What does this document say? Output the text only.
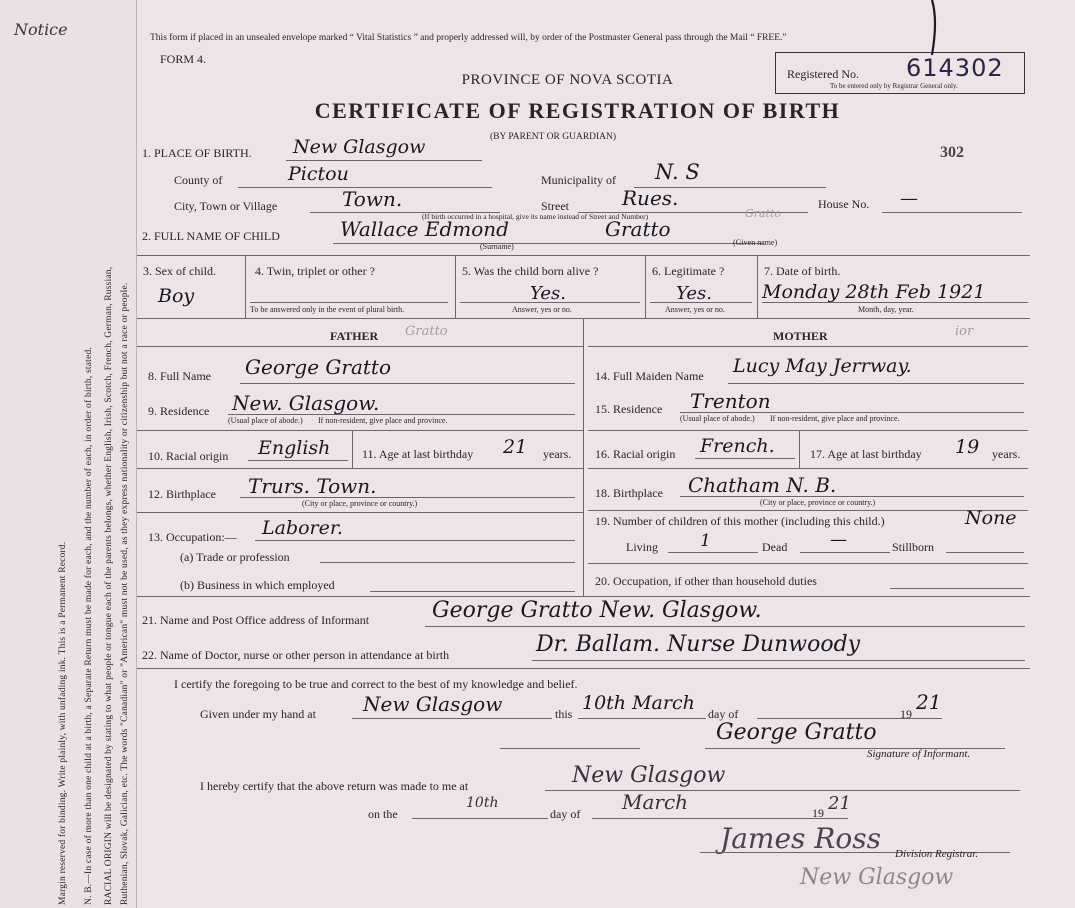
Notice
Margin reserved for binding. Write plainly, with unfading ink. This is a Permanent Record. N. B.—In case of more than one child at a birth, a Separate Return must be made for each, and the number of each, in order of birth, stated. RACIAL ORIGIN will be designated by stating to what people or tongue each of the parents belongs, whether English, Irish, Scotch, French, German, Russian, Ruthenian, Slovak, Galician, etc. The words "Canadian" or "American" must not be used, as they express nationality or citizenship but not a race or people.
This form if placed in an unsealed envelope marked “ Vital Statistics ” and properly addressed will, by order of the Postmaster General pass through the Mail “ FREE.”
FORM 4.
PROVINCE OF NOVA SCOTIA
CERTIFICATE OF REGISTRATION OF BIRTH
(BY PARENT OR GUARDIAN)
Registered No. 614302
To be entered only by Registrar General only.
302
1. PLACE OF BIRTH. New Glasgow
County of	Pictou	Municipality of N. S
City, Town or Village	Town.	Street	Rues.	House No. —
(If birth occurred in a hospital, give its name instead of Street and Number)	Gratto
2. FULL NAME OF CHILD	Wallace Edmond	Gratto
(Surname)	(Given name)
3. Sex of child.
Boy
4. Twin, triplet or other ?
To be answered only in the event of plural birth.
5. Was the child born alive ?
Yes.
Answer, yes or no.
6. Legitimate ?
Yes.
Answer, yes or no.
7. Date of birth.
Monday 28th Feb 1921
Month, day, year.
FATHER Gratto	MOTHER	ior
8. Full Name George Gratto
9. Residence New. Glasgow.
(Usual place of abode.) If non-resident, give place and province.
10. Racial origin English	11. Age at last birthday 21 years.
12. Birthplace Trurs. Town.
(City or place, province or country.)
13. Occupation:— Laborer.
(a) Trade or profession
(b) Business in which employed
14. Full Maiden Name Lucy May Jerrway.
15. Residence Trenton
(Usual place of abode.) If non-resident, give place and province.
16. Racial origin French.	17. Age at last birthday 19 years.
18. Birthplace Chatham N. B.
(City or place, province or country.)
19. Number of children of this mother (including this child.)	None
Living 1	Dead	—	Stillborn
20. Occupation, if other than household duties
21. Name and Post Office address of Informant	George Gratto New. Glasgow.
22. Name of Doctor, nurse or other person in attendance at birth	Dr. Ballam. Nurse Dunwoody
I certify the foregoing to be true and correct to the best of my knowledge and belief.
Given under my hand at New Glasgow	this 10th March day of	19 21
George Gratto
Signature of Informant.
I hereby certify that the above return was made to me at	New Glasgow
on the
10th
day of March	19 21
James Ross Division Registrar.
New Glasgow
